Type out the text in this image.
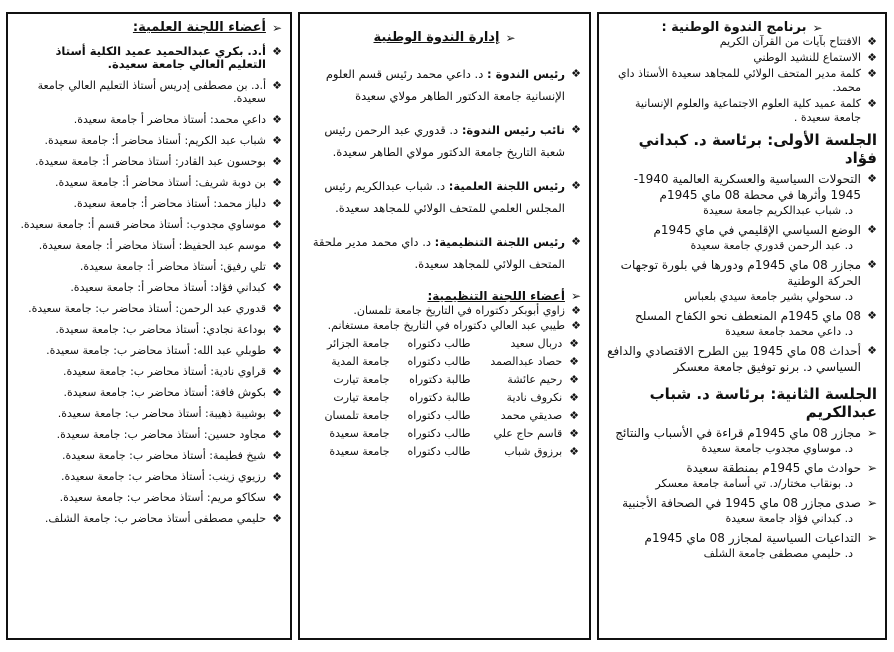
➢
برنامج الندوة الوطنية :
❖
الافتتاح بآيات من القرآن الكريم
❖
الاستماع للنشيد الوطني
❖
كلمة مدير المتحف الولائي للمجاهد سعيدة الأستاذ داي محمد.
❖
كلمة عميد كلية العلوم الاجتماعية والعلوم الإنسانية جامعة سعيدة .
الجلسة الأولى: برئاسة د. كبداني فؤاد
❖
التحولات السياسية والعسكرية العالمية 1940-1945 وأثرها في محطة 08 ماي 1945م
د. شباب عبدالكريم جامعة سعيدة
❖
الوضع السياسي الإقليمي في ماي 1945م
د. عبد الرحمن قدوري جامعة سعيدة
❖
مجازر 08 ماي 1945م ودورها في بلورة توجهات الحركة الوطنية
د. سحولي بشير جامعة سيدي بلعباس
❖
08 ماي 1945م المنعطف نحو الكفاح المسلح
د. داعي محمد جامعة سعيدة
❖
أحداث 08 ماي 1945 بين الطرح الاقتصادي والدافع السياسي د. برنو توفيق جامعة معسكر
الجلسة الثانية: برئاسة د. شباب عبدالكريم
➢
مجازر 08 ماي 1945م قراءة في الأسباب والنتائج
د. موساوي مجدوب جامعة سعيدة
➢
حوادث ماي 1945م بمنطقة سعيدة
د. بونقاب مختار/د. تي أسامة جامعة معسكر
➢
صدى مجازر 08 ماي 1945 في الصحافة الأجنبية
د. كبداني فؤاد جامعة سعيدة
➢
التداعيات السياسية لمجازر 08 ماي 1945م
د. حليمي مصطفى جامعة الشلف
➢
إدارة الندوة الوطنية
❖
رئيس الندوة : د. داعي محمد رئيس قسم العلوم الإنسانية جامعة الدكتور الطاهر مولاي سعيدة
❖
نائب رئيس الندوة: د. قدوري عبد الرحمن رئيس شعبة التاريخ جامعة الدكتور مولاي الطاهر سعيدة.
❖
رئيس اللجنة العلمية: د. شباب عبدالكريم رئيس المجلس العلمي للمتحف الولائي للمجاهد سعيدة.
❖
رئيس اللجنة التنظيمية: د. داي محمد مدير ملحقة المتحف الولائي للمجاهد سعيدة.
➢
أعضاء اللجنة التنظيمية:
❖
زاوي أبوبكر دكتوراه في التاريخ جامعة تلمسان.
❖
طيبي عبد العالي دكتوراه في التاريخ جامعة مستغانم.
❖	دربال سعيد	طالب دكتوراه	جامعة الجزائر
❖	حصاد عبدالصمد	طالب دكتوراه	جامعة المدية
❖	رحيم عائشة	طالبة دكتوراه	جامعة تيارت
❖	نكروف نادية	طالبة دكتوراه	جامعة تيارت
❖	صديقي محمد	طالب دكتوراه	جامعة تلمسان
❖	قاسم حاج علي	طالب دكتوراه	جامعة سعيدة
❖	برزوق شباب	طالب دكتوراه	جامعة سعيدة
➢
أعضاء اللجنة العلمية:
❖
أ.د. بكري عبدالحميد عميد الكلية أستاذ التعليم العالي جامعة سعيدة.
❖
أ.د. بن مصطفى إدريس أستاذ التعليم العالي جامعة سعيدة.
❖
داعي محمد: أستاذ محاضر أ جامعة سعيدة.
❖
شباب عبد الكريم: أستاذ محاضر أ: جامعة سعيدة.
❖
بوحسون عبد القادر: أستاذ محاضر أ: جامعة سعيدة.
❖
بن دوبة شريف: أستاذ محاضر أ: جامعة سعيدة.
❖
دلباز محمد: أستاذ محاضر أ: جامعة سعيدة.
❖
موساوي مجدوب: أستاذ محاضر قسم أ: جامعة سعيدة.
❖
موسم عبد الحفيظ: أستاذ محاضر أ: جامعة سعيدة.
❖
تلي رفيق: أستاذ محاضر أ: جامعة سعيدة.
❖
كبداني فؤاد: أستاذ محاضر أ: جامعة سعيدة.
❖
قدوري عبد الرحمن: أستاذ محاضر ب: جامعة سعيدة.
❖
بوداعة نجادي: أستاذ محاضر ب: جامعة سعيدة.
❖
طوبلي عبد الله: أستاذ محاضر ب: جامعة سعيدة.
❖
قراوي نادية: أستاذ محاضر ب: جامعة سعيدة.
❖
بكوش فافة: أستاذ محاضر ب: جامعة سعيدة.
❖
بوشيبة ذهيبة: أستاذ محاضر ب: جامعة سعيدة.
❖
مجاود حسين: أستاذ محاضر ب: جامعة سعيدة.
❖
شيخ فطيمة: أستاذ محاضر ب: جامعة سعيدة.
❖
رزيوي زينب: أستاذ محاضر ب: جامعة سعيدة.
❖
سكاكو مريم: أستاذ محاضر ب: جامعة سعيدة.
❖
حليمي مصطفى أستاذ محاضر ب: جامعة الشلف.
